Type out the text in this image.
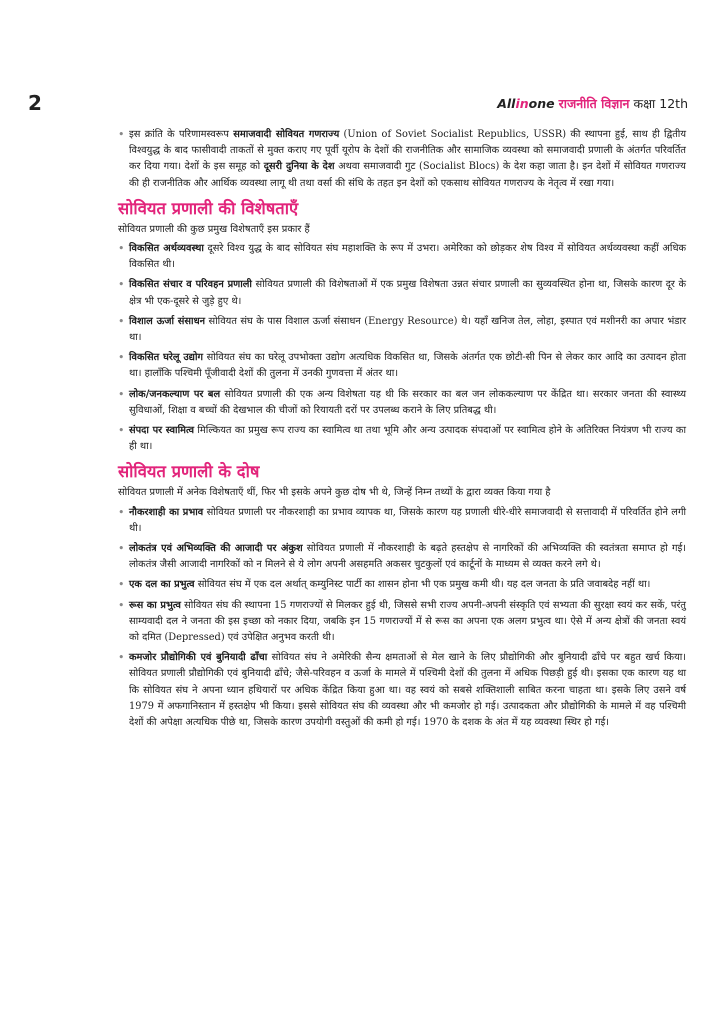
2	Allinone राजनीति विज्ञान कक्षा 12th
• इस क्रांति के परिणामस्वरूप समाजवादी सोवियत गणराज्य (Union of Soviet Socialist Republics, USSR) की स्थापना हुई, साथ ही द्वितीय विश्वयुद्ध के बाद फासीवादी ताकतों से मुक्त कराए गए पूर्वी यूरोप के देशों की राजनीतिक और सामाजिक व्यवस्था को समाजवादी प्रणाली के अंतर्गत परिवर्तित कर दिया गया। देशों के इस समूह को दूसरी दुनिया के देश अथवा समाजवादी गुट (Socialist Blocs) के देश कहा जाता है। इन देशों में सोवियत गणराज्य की ही राजनीतिक और आर्थिक व्यवस्था लागू थी तथा वर्सा की संधि के तहत इन देशों को एकसाथ सोवियत गणराज्य के नेतृत्व में रखा गया।
सोवियत प्रणाली की विशेषताएँ

सोवियत प्रणाली की कुछ प्रमुख विशेषताएँ इस प्रकार हैं

• विकसित अर्थव्यवस्था दूसरे विश्व युद्ध के बाद सोवियत संघ महाशक्ति के रूप में उभरा। अमेरिका को छोड़कर शेष विश्व में सोवियत अर्थव्यवस्था कहीं अधिक विकसित थी।
• विकसित संचार व परिवहन प्रणाली सोवियत प्रणाली की विशेषताओं में एक प्रमुख विशेषता उन्नत संचार प्रणाली का सुव्यवस्थित होना था, जिसके कारण दूर के क्षेत्र भी एक-दूसरे से जुड़े हुए थे।
• विशाल ऊर्जा संसाधन सोवियत संघ के पास विशाल ऊर्जा संसाधन (Energy Resource) थे। यहाँ खनिज तेल, लोहा, इस्पात एवं मशीनरी का अपार भंडार था।
• विकसित घरेलू उद्योग सोवियत संघ का घरेलू उपभोक्ता उद्योग अत्यधिक विकसित था, जिसके अंतर्गत एक छोटी-सी पिन से लेकर कार आदि का उत्पादन होता था। हालाँकि पश्चिमी पूँजीवादी देशों की तुलना में उनकी गुणवत्ता में अंतर था।
• लोक/जनकल्याण पर बल सोवियत प्रणाली की एक अन्य विशेषता यह थी कि सरकार का बल जन लोककल्याण पर केंद्रित था। सरकार जनता की स्वास्थ्य सुविधाओं, शिक्षा व बच्चों की देखभाल की चीजों को रियायती दरों पर उपलब्ध कराने के लिए प्रतिबद्ध थी।
• संपदा पर स्वामित्व मिल्कियत का प्रमुख रूप राज्य का स्वामित्व था तथा भूमि और अन्य उत्पादक संपदाओं पर स्वामित्व होने के अतिरिक्त नियंत्रण भी राज्य का ही था।
सोवियत प्रणाली के दोष

सोवियत प्रणाली में अनेक विशेषताएँ थीं, फिर भी इसके अपने कुछ दोष भी थे, जिन्हें निम्न तथ्यों के द्वारा व्यक्त किया गया है

• नौकरशाही का प्रभाव सोवियत प्रणाली पर नौकरशाही का प्रभाव व्यापक था, जिसके कारण यह प्रणाली धीरे-धीरे समाजवादी से सत्तावादी में परिवर्तित होने लगी थी।
• लोकतंत्र एवं अभिव्यक्ति की आजादी पर अंकुश सोवियत प्रणाली में नौकरशाही के बढ़ते हस्तक्षेप से नागरिकों की अभिव्यक्ति की स्वतंत्रता समाप्त हो गई। लोकतंत्र जैसी आजादी नागरिकों को न मिलने से ये लोग अपनी असहमति अकसर चुटकुलों एवं कार्टूनों के माध्यम से व्यक्त करने लगे थे।
• एक दल का प्रभुत्व सोवियत संघ में एक दल अर्थात् कम्युनिस्ट पार्टी का शासन होना भी एक प्रमुख कमी थी। यह दल जनता के प्रति जवाबदेह नहीं था।
• रूस का प्रभुत्व सोवियत संघ की स्थापना 15 गणराज्यों से मिलकर हुई थी, जिससे सभी राज्य अपनी-अपनी संस्कृति एवं सभ्यता की सुरक्षा स्वयं कर सकें, परंतु साम्यवादी दल ने जनता की इस इच्छा को नकार दिया, जबकि इन 15 गणराज्यों में से रूस का अपना एक अलग प्रभुत्व था। ऐसे में अन्य क्षेत्रों की जनता स्वयं को दमित (Depressed) एवं उपेक्षित अनुभव करती थी।
• कमजोर प्रौद्योगिकी एवं बुनियादी ढाँचा सोवियत संघ ने अमेरिकी सैन्य क्षमताओं से मेल खाने के लिए प्रौद्योगिकी और बुनियादी ढाँचे पर बहुत खर्च किया। सोवियत प्रणाली प्रौद्योगिकी एवं बुनियादी ढाँचे; जैसे-परिवहन व ऊर्जा के मामले में पश्चिमी देशों की तुलना में अधिक पिछड़ी हुई थी। इसका एक कारण यह था कि सोवियत संघ ने अपना ध्यान हथियारों पर अधिक केंद्रित किया हुआ था। वह स्वयं को सबसे शक्तिशाली साबित करना चाहता था। इसके लिए उसने वर्ष 1979 में अफगानिस्तान में हस्तक्षेप भी किया। इससे सोवियत संघ की व्यवस्था और भी कमजोर हो गई। उत्पादकता और प्रौद्योगिकी के मामले में वह पश्चिमी देशों की अपेक्षा अत्यधिक पीछे था, जिसके कारण उपयोगी वस्तुओं की कमी हो गई। 1970 के दशक के अंत में यह व्यवस्था स्थिर हो गई।
